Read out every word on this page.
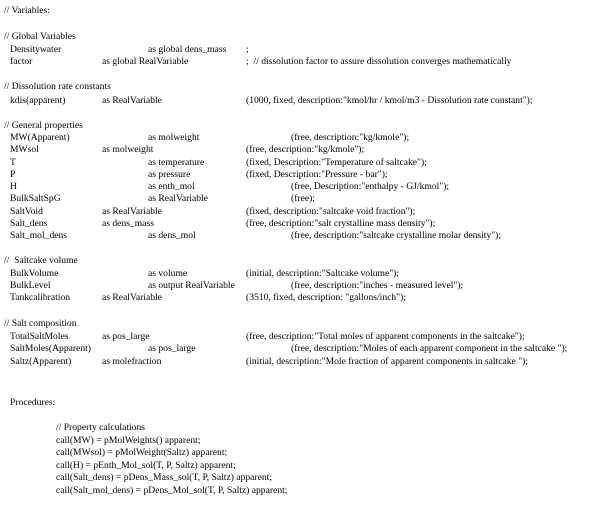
// Variables:
// Global Variables
Densitywater	as global dens_mass ;
factor	as global RealVariable	;  // dissolution factor to assure dissolution converges mathematically
// Dissolution rate constants
kdis(apparent)	as RealVariable	(1000, fixed, description:"kmol/hr / kmol/m3 - Dissolution rate constant");
// General properties
MW(Apparent)	as molweight	(free, description:"kg/kmole");
MWsol	as molweight	(free, description:"kg/kmole");
T	as temperature	(fixed, Description:"Temperature of saltcake");
P	as pressure	(fixed, Description:"Pressure - bar");
H	as enth_mol	(free, Description:"enthalpy - GJ/kmol");
BulkSaltSpG	as RealVariable	(free);
SaltVoid	as RealVariable	(fixed, description:"saltcake void fraction");
Salt_dens	as dens_mass	(free, description:"salt crystalline mass density");
Salt_mol_dens	as dens_mol	(free, description:"saltcake crystalline molar density");
//  Saltcake volume
BulkVolume	as volume	(initial, description:"Saltcake volume");
BulkLevel	as output RealVariable	(free, description:"inches - measured level");
Tankcalibration	as RealVariable	(3510, fixed, description: "gallons/inch");
// Salt composition
TotalSaltMoles	as pos_large	(free, description:"Total moles of apparent components in the saltcake");
SaltMoles(Apparent)	as pos_large	(free, description:"Moles of each apparent component in the saltcake ");
Saltz(Apparent)	as molefraction	(initial, description:"Mole fraction of apparent components in saltcake ");
Procedures:
// Property calculations
call(MW) = pMolWeights() apparent;
call(MWsol) = pMolWeight(Saltz) apparent;
call(H) = pEnth_Mol_sol(T, P, Saltz) apparent;
call(Salt_dens) = pDens_Mass_sol(T, P, Saltz) apparent;
call(Salt_mol_dens) = pDens_Mol_sol(T, P, Saltz) apparent;
